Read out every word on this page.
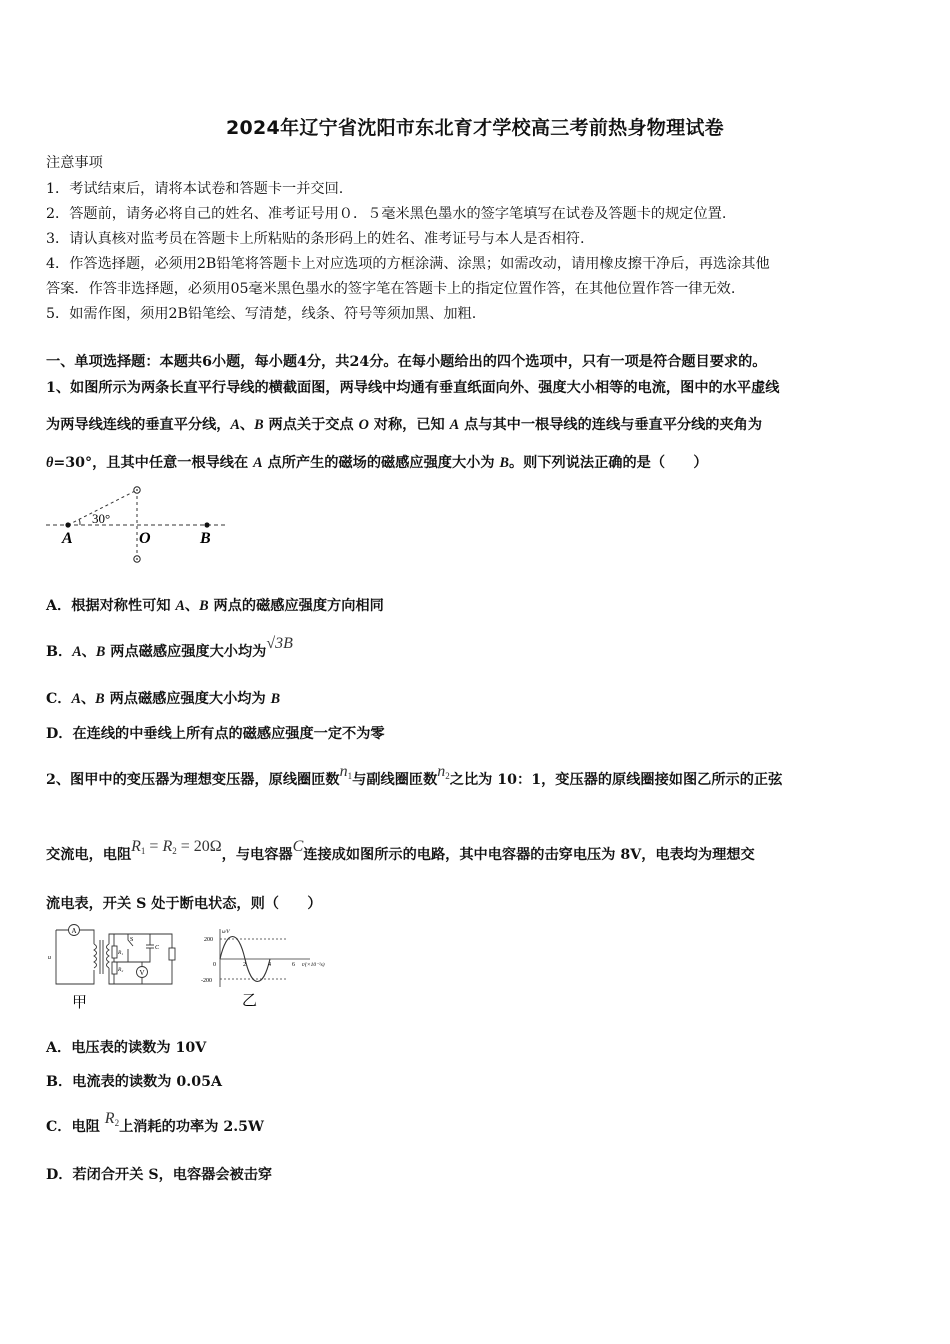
2024年辽宁省沈阳市东北育才学校高三考前热身物理试卷
注意事项
1．考试结束后，请将本试卷和答题卡一并交回.
2．答题前，请务必将自己的姓名、准考证号用０．５毫米黑色墨水的签字笔填写在试卷及答题卡的规定位置.
3．请认真核对监考员在答题卡上所粘贴的条形码上的姓名、准考证号与本人是否相符.
4．作答选择题，必须用2B铅笔将答题卡上对应选项的方框涂满、涂黑；如需改动，请用橡皮擦干净后，再选涂其他
答案．作答非选择题，必须用05毫米黑色墨水的签字笔在答题卡上的指定位置作答，在其他位置作答一律无效.
5．如需作图，须用2B铅笔绘、写清楚，线条、符号等须加黑、加粗.
一、单项选择题：本题共6小题，每小题4分，共24分。在每小题给出的四个选项中，只有一项是符合题目要求的。
1、如图所示为两条长直平行导线的横截面图，两导线中均通有垂直纸面向外、强度大小相等的电流，图中的水平虚线
为两导线连线的垂直平分线，A、B 两点关于交点 O 对称，已知 A 点与其中一根导线的连线与垂直平分线的夹角为
θ=30°，且其中任意一根导线在 A 点所产生的磁场的磁感应强度大小为 B。则下列说法正确的是（　　）
30°
A	O	B
A．根据对称性可知 A、B 两点的磁感应强度方向相同
B．A、B 两点磁感应强度大小均为√3B
C．A、B 两点磁感应强度大小均为 B
D．在连线的中垂线上所有点的磁感应强度一定不为零
2、图甲中的变压器为理想变压器，原线圈匝数$n_1$与副线圈匝数$n_2$之比为 10：1，变压器的原线圈接如图乙所示的正弦
交流电，电阻$R_1 = R_2 = 20\Omega$，与电容器C连接成如图所示的电路，其中电容器的击穿电压为 8V，电表均为理想交
流电表，开关 S 处于断电状态，则（　　）
A
V
S
C
R₁
R₂
u
甲
200
-200
0	2	4	6 t/(×10⁻²s)
u/V
乙
A．电压表的读数为 10V
B．电流表的读数为 0.05A
C．电阻 $R_2$上消耗的功率为 2.5W
D．若闭合开关 S，电容器会被击穿
